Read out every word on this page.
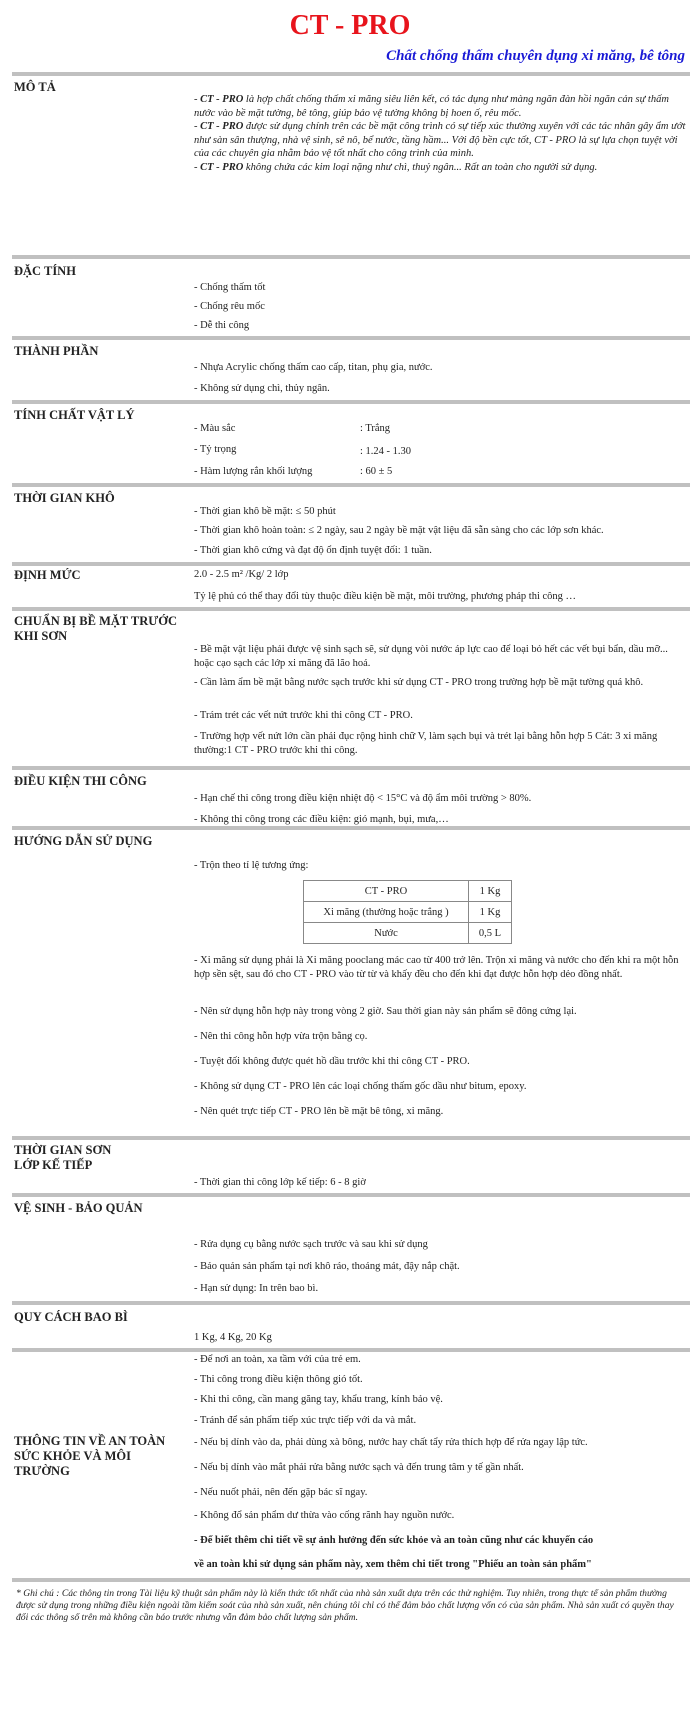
CT - PRO
Chất chống thấm chuyên dụng xi măng, bê tông
MÔ TẢ
- CT - PRO là hợp chất chống thấm xi măng siêu liên kết, có tác dụng như màng ngăn đàn hồi ngăn cản sự thấm nước vào bề mặt tường, bê tông, giúp bảo vệ tường không bị hoen ố, rêu mốc.
- CT - PRO được sử dụng chính trên các bề mặt công trình có sự tiếp xúc thường xuyên với các tác nhân gây ẩm ướt như sàn sân thượng, nhà vệ sinh, sê nô, bể nước, tầng hầm... Với độ bền cực tốt, CT - PRO là sự lựa chọn tuyệt vời của các chuyên gia nhằm bảo vệ tốt nhất cho công trình của mình.
- CT - PRO không chứa các kim loại nặng như chì, thuỷ ngân... Rất an toàn cho người sử dụng.
ĐẶC TÍNH
- Chống thấm tốt
- Chống rêu mốc
- Dễ thi công
THÀNH PHẦN
- Nhựa Acrylic chống thấm cao cấp, titan, phụ gia, nước.
- Không sử dụng chì, thủy ngân.
TÍNH CHẤT VẬT LÝ
- Màu sắc	: Trắng
- Tỷ trọng	: 1.24 - 1.30
- Hàm lượng rắn khối lượng	: 60 ± 5
THỜI GIAN KHÔ
- Thời gian khô bề mặt: ≤ 50 phút
- Thời gian khô hoàn toàn: ≤ 2 ngày, sau 2 ngày bề mặt vật liệu đã sẵn sàng cho các lớp sơn khác.
- Thời gian khô cứng và đạt độ ổn định tuyệt đối: 1 tuần.
ĐỊNH MỨC	2.0 - 2.5 m² /Kg/ 2 lớp
Tỷ lệ phủ có thể thay đổi tùy thuộc điều kiện bề mặt, môi trường, phương pháp thi công …
CHUẨN BỊ BỀ MẶT TRƯỚC
KHI SƠN
- Bề mặt vật liệu phải được vệ sinh sạch sẽ, sử dụng vòi nước áp lực cao để loại bỏ hết các vết bụi bẩn, dầu mỡ... hoặc cạo sạch các lớp xi măng đã lão hoá.
- Cần làm ẩm bề mặt bằng nước sạch trước khi sử dụng CT - PRO trong trường hợp bề mặt tường quá khô.
- Trám trét các vết nứt trước khi thi công CT - PRO.
- Trường hợp vết nứt lớn cần phải đục rộng hình chữ V, làm sạch bụi và trét lại bằng hỗn hợp 5 Cát: 3 xi măng thường:1 CT - PRO trước khi thi công.
ĐIỀU KIỆN THI CÔNG
- Hạn chế thi công trong điều kiện nhiệt độ < 15°C và độ ẩm môi trường > 80%.
- Không thi công trong các điều kiện: gió mạnh, bụi, mưa,…
HƯỚNG DẪN SỬ DỤNG
- Trộn theo tỉ lệ tương ứng:
CT - PRO	1 Kg
Xi măng (thường hoặc trắng )	1 Kg
Nước	0,5 L
- Xi măng sử dụng phải là Xi măng pooclang mác cao từ 400 trở lên. Trộn xi măng và nước cho đến khi ra một hỗn hợp sền sệt, sau đó cho CT - PRO vào từ từ và khấy đều cho đến khi đạt được hỗn hợp dẻo đồng nhất.
- Nên sử dụng hỗn hợp này trong vòng 2 giờ. Sau thời gian này sản phẩm sẽ đông cứng lại.
- Nên thi công hỗn hợp vừa trộn bằng cọ.
- Tuyệt đối không được quét hồ dầu trước khi thi công CT - PRO.
- Không sử dụng CT - PRO lên các loại chống thấm gốc dầu như bitum, epoxy.
- Nên quét trực tiếp CT - PRO lên bề mặt bê tông, xi măng.
THỜI GIAN SƠN
LỚP KẾ TIẾP
- Thời gian thi công lớp kế tiếp: 6 - 8 giờ
VỆ SINH - BẢO QUẢN
- Rửa dụng cụ bằng nước sạch trước và sau khi sử dụng
- Bảo quản sản phẩm tại nơi khô ráo, thoáng mát, đậy nắp chặt.
- Hạn sử dụng: In trên bao bì.
QUY CÁCH BAO BÌ
1 Kg, 4 Kg, 20 Kg
THÔNG TIN VỀ AN TOÀN
SỨC KHỎE VÀ MÔI
TRƯỜNG
- Để nơi an toàn, xa tầm với của trẻ em.
- Thi công trong điều kiện thông gió tốt.
- Khi thi công, cần mang găng tay, khẩu trang, kính bảo vệ.
- Tránh để sản phẩm tiếp xúc trực tiếp với da và mắt.
- Nếu bị dính vào da, phải dùng xà bông, nước hay chất tẩy rửa thích hợp để rửa ngay lập tức.
- Nếu bị dính vào mắt phải rửa bằng nước sạch và đến trung tâm y tế gần nhất.
- Nếu nuốt phải, nên đến gặp bác sĩ ngay.
- Không đổ sản phẩm dư thừa vào cống rãnh hay nguồn nước.
- Để biết thêm chi tiết về sự ảnh hưởng đến sức khỏe và an toàn cũng như các khuyến cáo
về an toàn khi sử dụng sản phẩm này, xem thêm chi tiết trong "Phiếu an toàn sản phẩm"
* Ghi chú : Các thông tin trong Tài liệu kỹ thuật sản phẩm này là kiến thức tốt nhất của nhà sản xuất dựa trên các thử nghiệm. Tuy nhiên, trong thực tế sản phẩm thường được sử dụng trong những điều kiện ngoài tầm kiểm soát của nhà sản xuất, nên chúng tôi chỉ có thể đảm bảo chất lượng vốn có của sản phẩm. Nhà sản xuất có quyền thay đổi các thông số trên mà không cần báo trước nhưng vẫn đảm bảo chất lượng sản phẩm.
